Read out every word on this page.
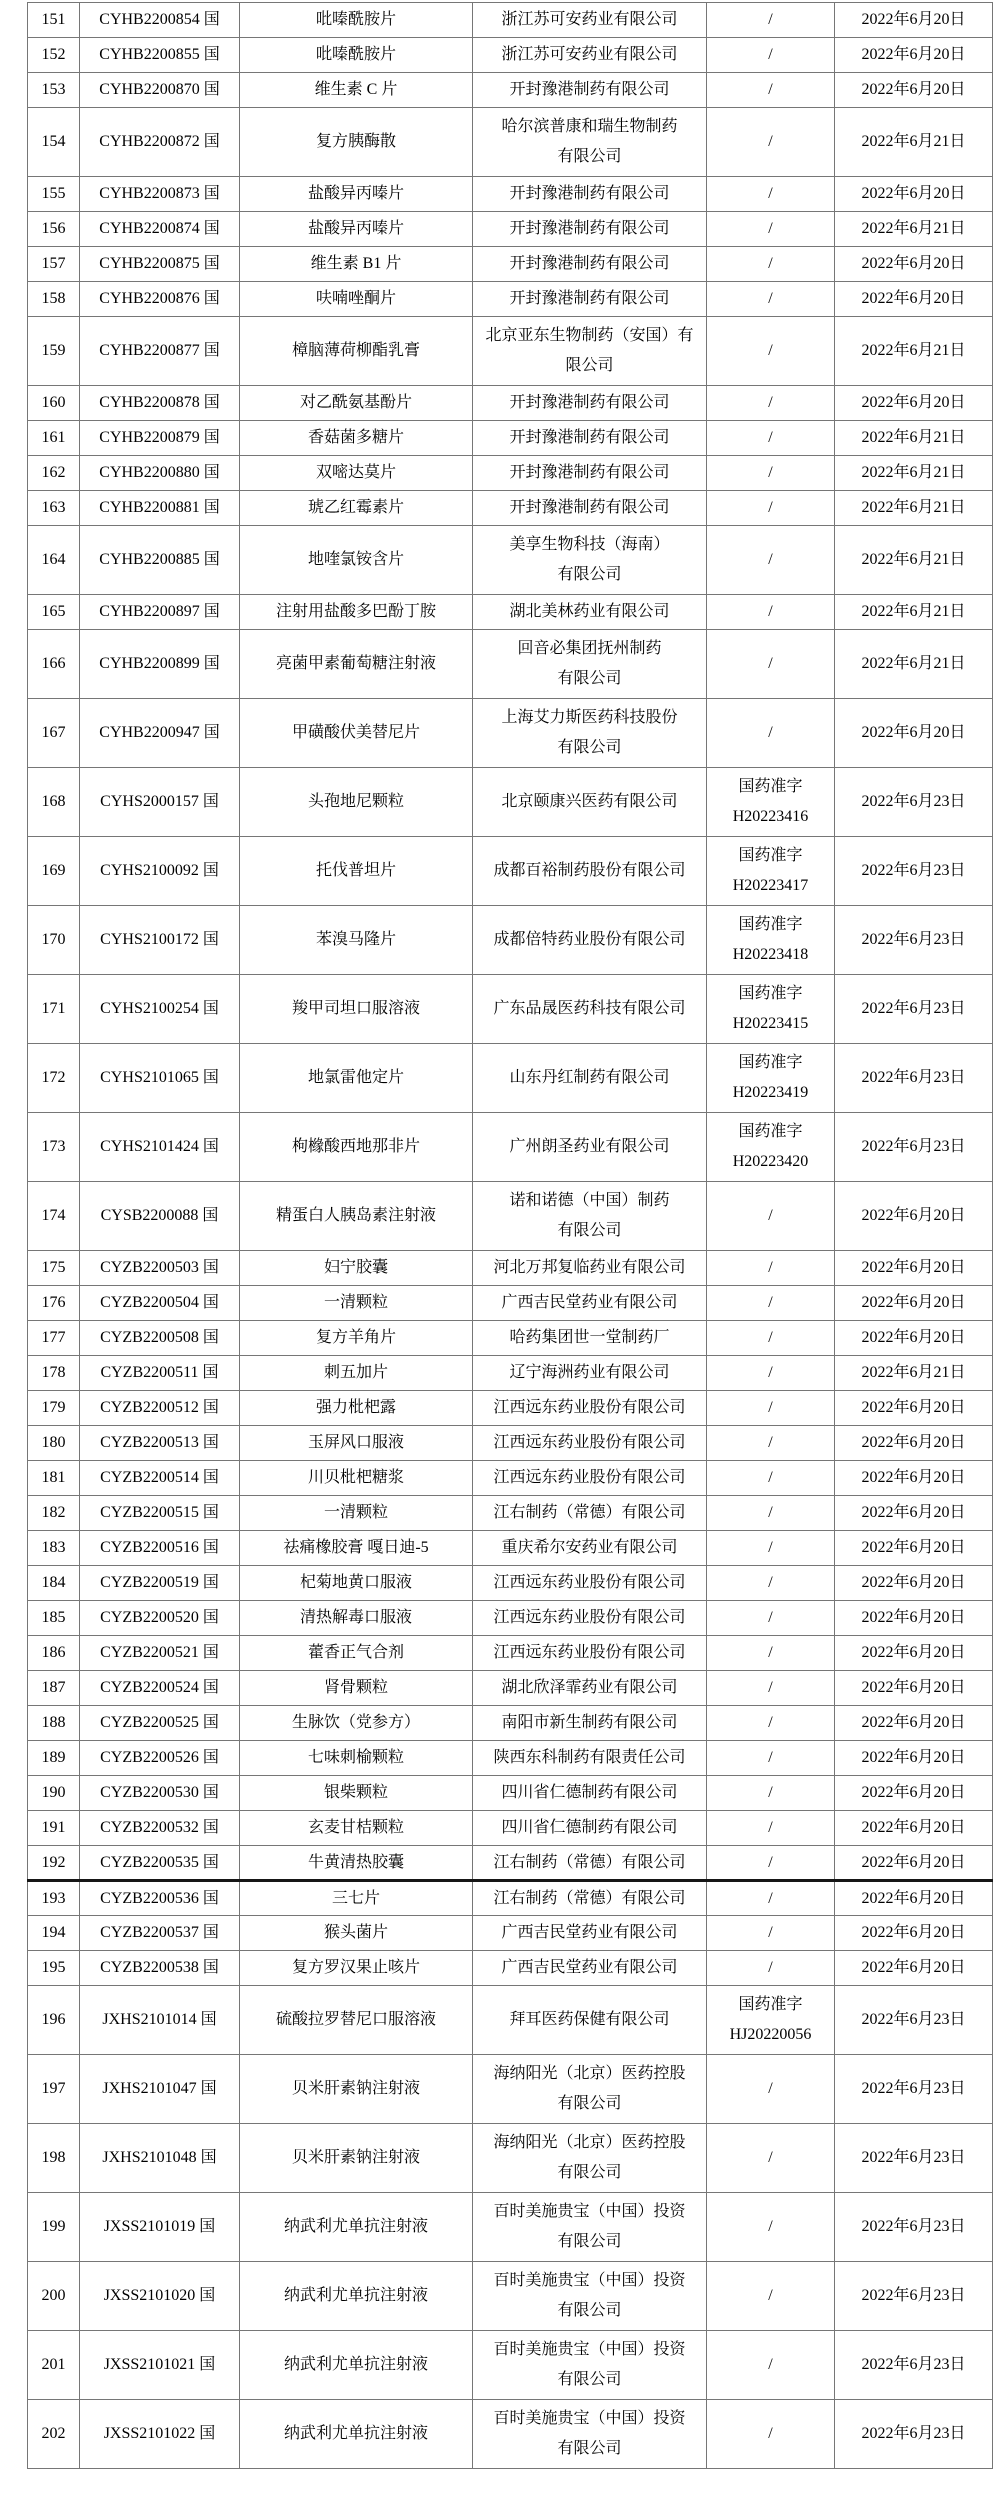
151	CYHB2200854 国	吡嗪酰胺片	浙江苏可安药业有限公司	/	2022年6月20日

152	CYHB2200855 国	吡嗪酰胺片	浙江苏可安药业有限公司	/	2022年6月20日

153	CYHB2200870 国	维生素 C 片	开封豫港制药有限公司	/	2022年6月20日

154	CYHB2200872 国	复方胰酶散	哈尔滨普康和瑞生物制药
有限公司	/	2022年6月21日

155	CYHB2200873 国	盐酸异丙嗪片	开封豫港制药有限公司	/	2022年6月20日

156	CYHB2200874 国	盐酸异丙嗪片	开封豫港制药有限公司	/	2022年6月21日

157	CYHB2200875 国	维生素 B1 片	开封豫港制药有限公司	/	2022年6月20日

158	CYHB2200876 国	呋喃唑酮片	开封豫港制药有限公司	/	2022年6月20日

159	CYHB2200877 国	樟脑薄荷柳酯乳膏	北京亚东生物制药（安国）有
限公司	/	2022年6月21日

160	CYHB2200878 国	对乙酰氨基酚片	开封豫港制药有限公司	/	2022年6月20日

161	CYHB2200879 国	香菇菌多糖片	开封豫港制药有限公司	/	2022年6月21日

162	CYHB2200880 国	双嘧达莫片	开封豫港制药有限公司	/	2022年6月21日

163	CYHB2200881 国	琥乙红霉素片	开封豫港制药有限公司	/	2022年6月21日

164	CYHB2200885 国	地喹氯铵含片	美享生物科技（海南）
有限公司	/	2022年6月21日

165	CYHB2200897 国	注射用盐酸多巴酚丁胺	湖北美林药业有限公司	/	2022年6月21日

166	CYHB2200899 国	亮菌甲素葡萄糖注射液	回音必集团抚州制药
有限公司	/	2022年6月21日

167	CYHB2200947 国	甲磺酸伏美替尼片	上海艾力斯医药科技股份
有限公司	/	2022年6月20日

168	CYHS2000157 国	头孢地尼颗粒	北京颐康兴医药有限公司	国药准字
H20223416	2022年6月23日

169	CYHS2100092 国	托伐普坦片	成都百裕制药股份有限公司	国药准字
H20223417	2022年6月23日

170	CYHS2100172 国	苯溴马隆片	成都倍特药业股份有限公司	国药准字
H20223418	2022年6月23日

171	CYHS2100254 国	羧甲司坦口服溶液	广东品晟医药科技有限公司	国药准字
H20223415	2022年6月23日

172	CYHS2101065 国	地氯雷他定片	山东丹红制药有限公司	国药准字
H20223419	2022年6月23日

173	CYHS2101424 国	枸橼酸西地那非片	广州朗圣药业有限公司	国药准字
H20223420	2022年6月23日

174	CYSB2200088 国	精蛋白人胰岛素注射液	诺和诺德（中国）制药
有限公司	/	2022年6月20日

175	CYZB2200503 国	妇宁胶囊	河北万邦复临药业有限公司	/	2022年6月20日

176	CYZB2200504 国	一清颗粒	广西吉民堂药业有限公司	/	2022年6月20日

177	CYZB2200508 国	复方羊角片	哈药集团世一堂制药厂	/	2022年6月20日

178	CYZB2200511 国	刺五加片	辽宁海洲药业有限公司	/	2022年6月21日

179	CYZB2200512 国	强力枇杷露	江西远东药业股份有限公司	/	2022年6月20日

180	CYZB2200513 国	玉屏风口服液	江西远东药业股份有限公司	/	2022年6月20日

181	CYZB2200514 国	川贝枇杷糖浆	江西远东药业股份有限公司	/	2022年6月20日

182	CYZB2200515 国	一清颗粒	江右制药（常德）有限公司	/	2022年6月20日

183	CYZB2200516 国	祛痛橡胶膏 嘎日迪-5	重庆希尔安药业有限公司	/	2022年6月20日

184	CYZB2200519 国	杞菊地黄口服液	江西远东药业股份有限公司	/	2022年6月20日

185	CYZB2200520 国	清热解毒口服液	江西远东药业股份有限公司	/	2022年6月20日

186	CYZB2200521 国	藿香正气合剂	江西远东药业股份有限公司	/	2022年6月20日

187	CYZB2200524 国	肾骨颗粒	湖北欣泽霏药业有限公司	/	2022年6月20日

188	CYZB2200525 国	生脉饮（党参方）	南阳市新生制药有限公司	/	2022年6月20日

189	CYZB2200526 国	七味刺榆颗粒	陕西东科制药有限责任公司	/	2022年6月20日

190	CYZB2200530 国	银柴颗粒	四川省仁德制药有限公司	/	2022年6月20日

191	CYZB2200532 国	玄麦甘桔颗粒	四川省仁德制药有限公司	/	2022年6月20日

192	CYZB2200535 国	牛黄清热胶囊	江右制药（常德）有限公司	/	2022年6月20日

193	CYZB2200536 国	三七片	江右制药（常德）有限公司	/	2022年6月20日

194	CYZB2200537 国	猴头菌片	广西吉民堂药业有限公司	/	2022年6月20日

195	CYZB2200538 国	复方罗汉果止咳片	广西吉民堂药业有限公司	/	2022年6月20日

196	JXHS2101014 国	硫酸拉罗替尼口服溶液	拜耳医药保健有限公司	国药准字
HJ20220056	2022年6月23日

197	JXHS2101047 国	贝米肝素钠注射液	海纳阳光（北京）医药控股
有限公司	/	2022年6月23日

198	JXHS2101048 国	贝米肝素钠注射液	海纳阳光（北京）医药控股
有限公司	/	2022年6月23日

199	JXSS2101019 国	纳武利尤单抗注射液	百时美施贵宝（中国）投资
有限公司	/	2022年6月23日

200	JXSS2101020 国	纳武利尤单抗注射液	百时美施贵宝（中国）投资
有限公司	/	2022年6月23日

201	JXSS2101021 国	纳武利尤单抗注射液	百时美施贵宝（中国）投资
有限公司	/	2022年6月23日

202	JXSS2101022 国	纳武利尤单抗注射液	百时美施贵宝（中国）投资
有限公司	/	2022年6月23日
